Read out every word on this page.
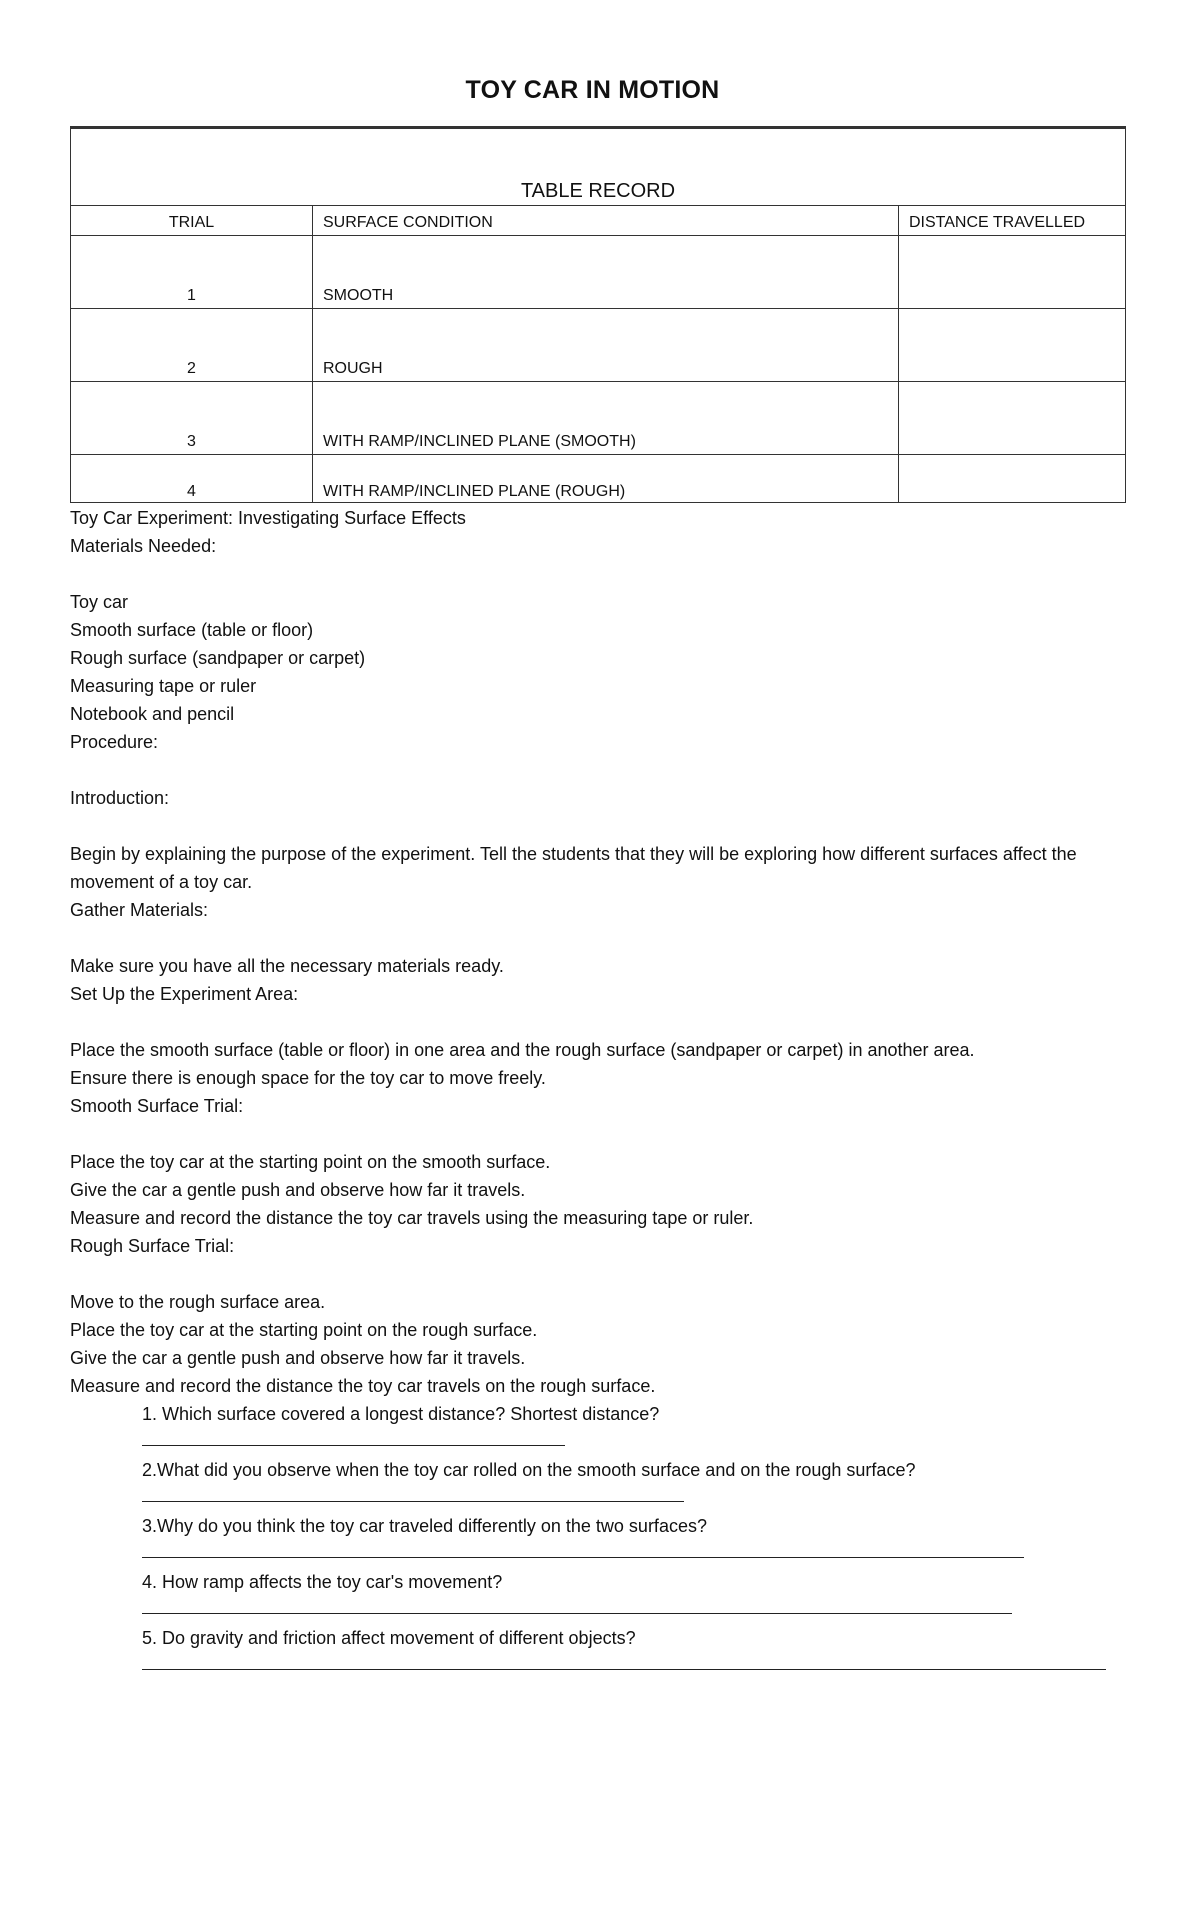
TOY CAR IN MOTION
TABLE RECORD		
TRIAL	SURFACE CONDITION	DISTANCE TRAVELLED
1	SMOOTH	
2	ROUGH	
3	WITH RAMP/INCLINED PLANE (SMOOTH)	
4	WITH RAMP/INCLINED PLANE (ROUGH)	

Toy Car Experiment: Investigating Surface Effects

Materials Needed:

Toy car

Smooth surface (table or floor)

Rough surface (sandpaper or carpet)

Measuring tape or ruler

Notebook and pencil

Procedure:

Introduction:

Begin by explaining the purpose of the experiment. Tell the students that they will be exploring how different surfaces affect the movement of a toy car.

Gather Materials:

Make sure you have all the necessary materials ready.

Set Up the Experiment Area:

Place the smooth surface (table or floor) in one area and the rough surface (sandpaper or carpet) in another area.

Ensure there is enough space for the toy car to move freely.

Smooth Surface Trial:

Place the toy car at the starting point on the smooth surface.

Give the car a gentle push and observe how far it travels.

Measure and record the distance the toy car travels using the measuring tape or ruler.

Rough Surface Trial:

Move to the rough surface area.

Place the toy car at the starting point on the rough surface.

Give the car a gentle push and observe how far it travels.

Measure and record the distance the toy car travels on the rough surface.

1. Which surface covered a longest distance? Shortest distance?

2.What did you observe when the toy car rolled on the smooth surface and on the rough surface?

3.Why do you think the toy car traveled differently on the two surfaces?

4. How ramp affects the toy car's movement?

5. Do gravity and friction affect movement of different objects?
